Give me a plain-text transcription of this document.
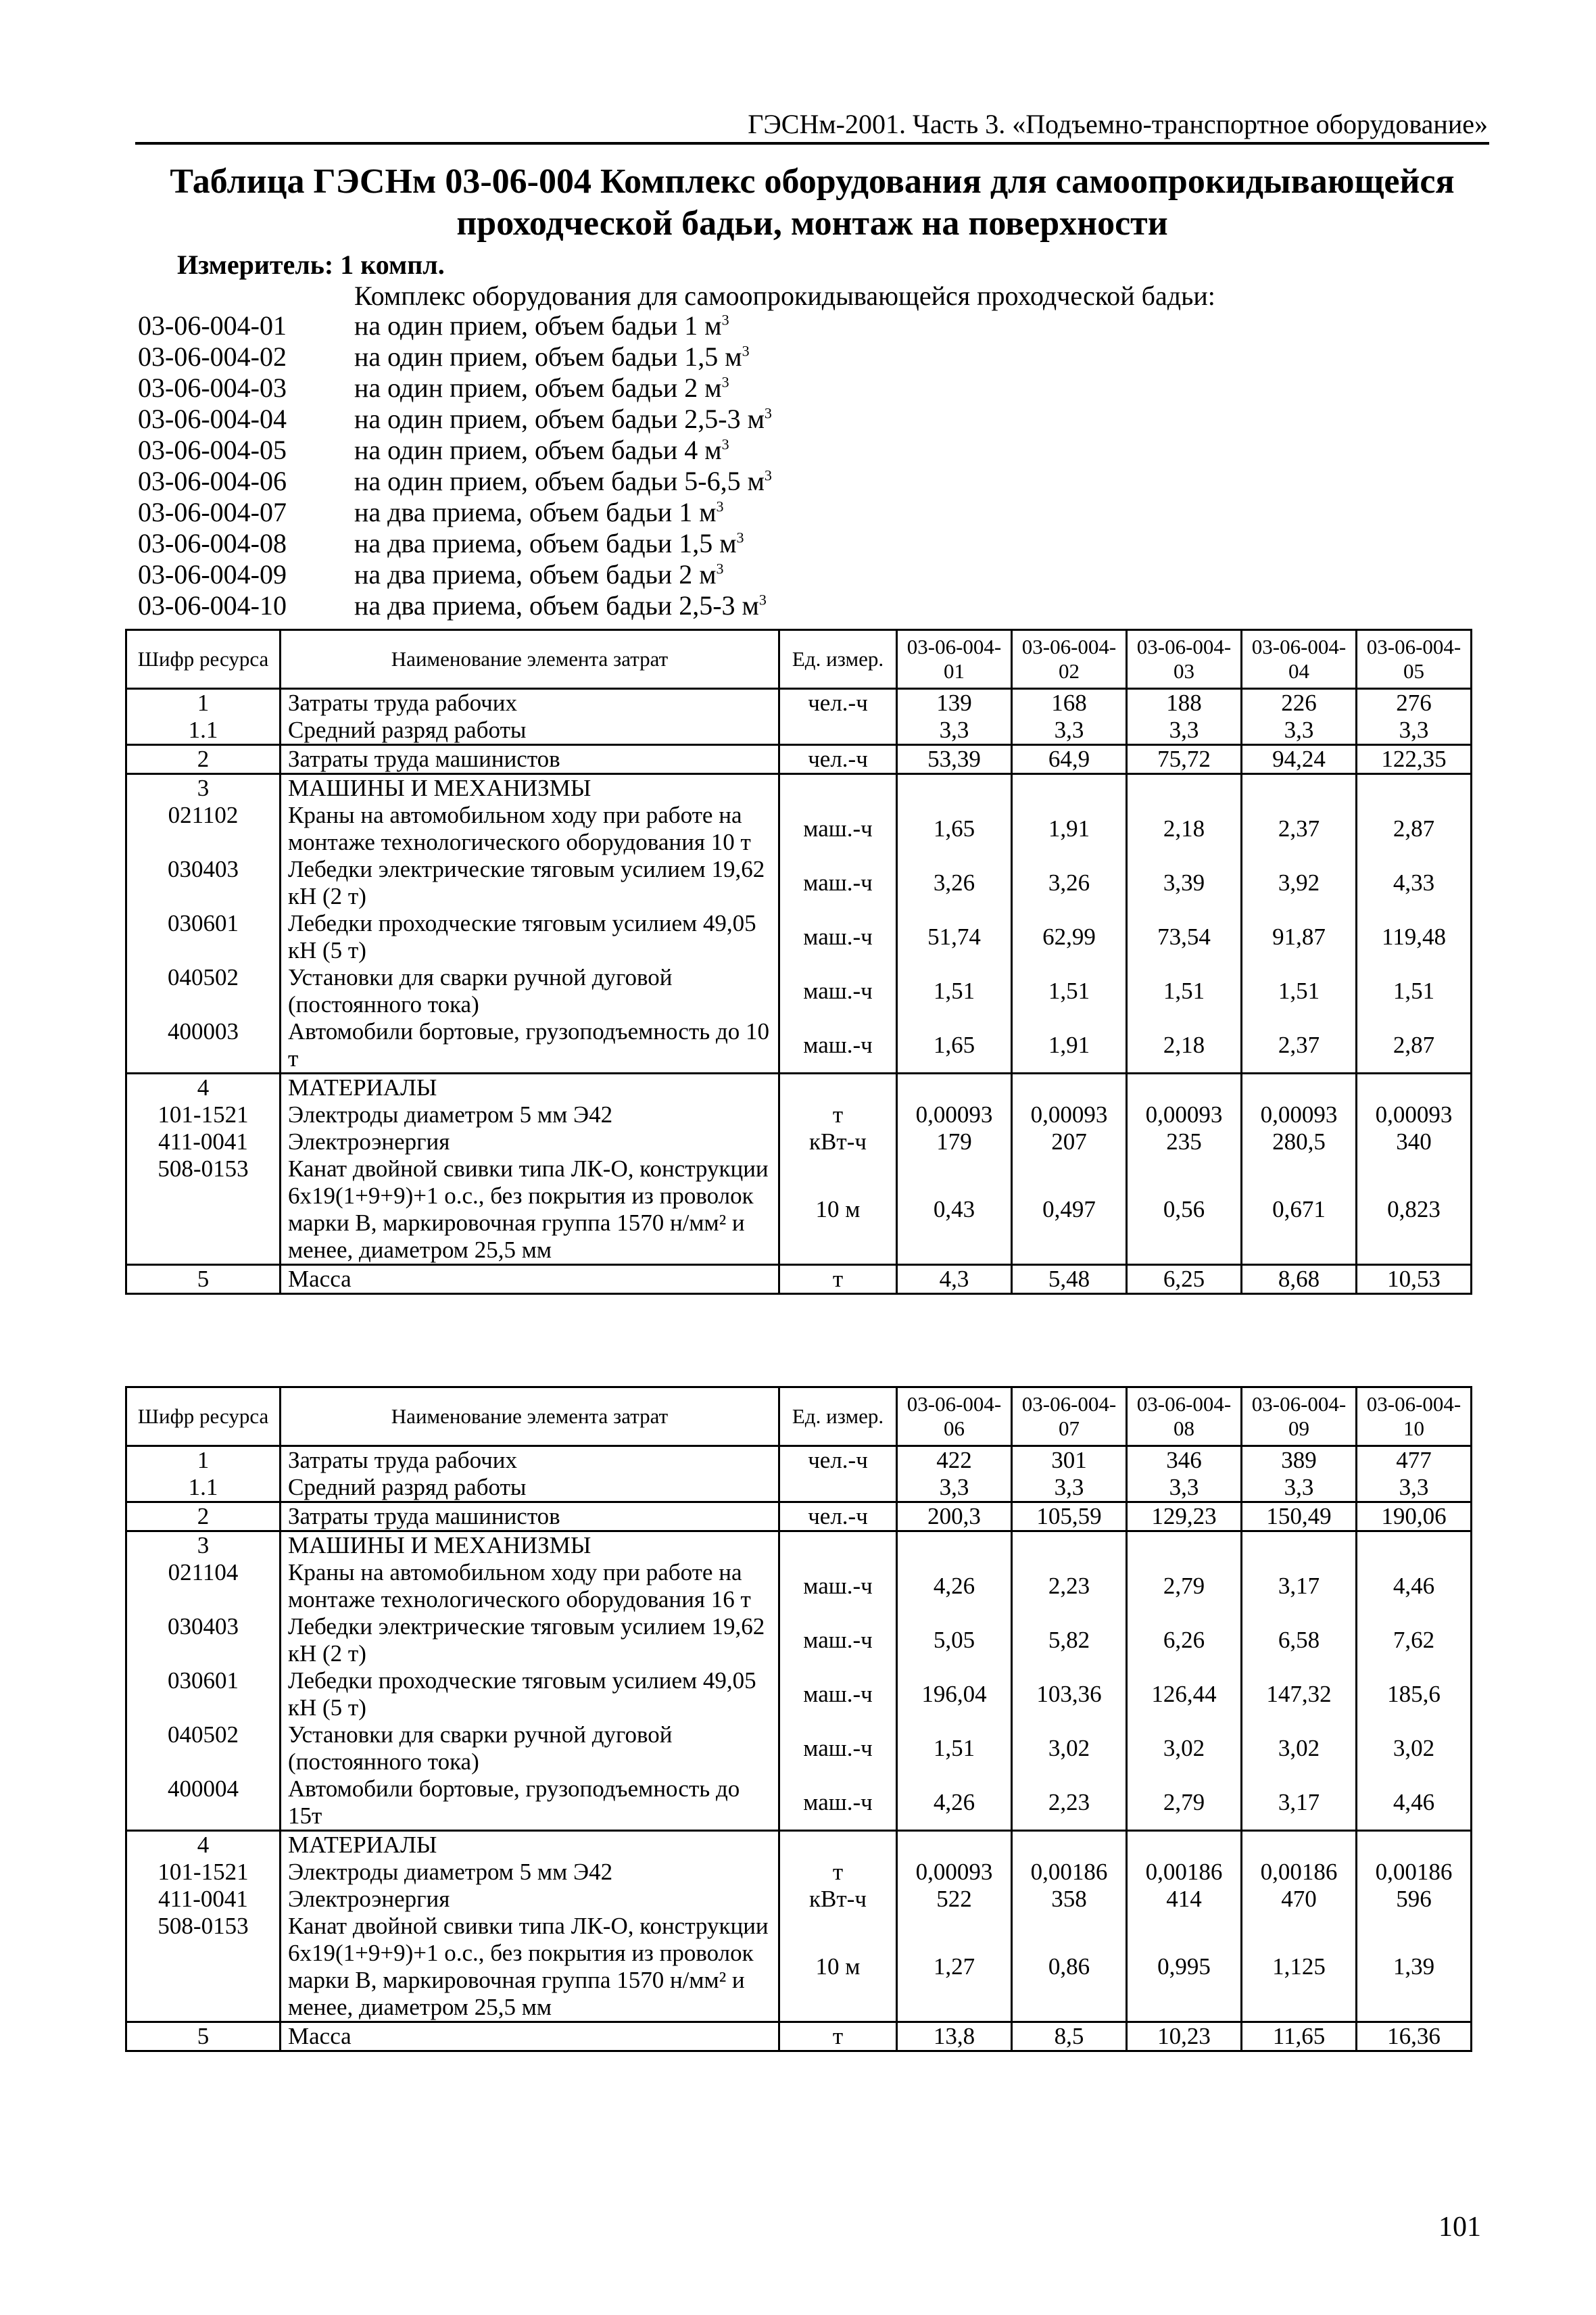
ГЭСНм-2001. Часть 3. «Подъемно-транспортное оборудование»
Таблица ГЭСНм 03-06-004 Комплекс оборудования для самоопрокидывающейся
проходческой бадьи, монтаж на поверхности
Измеритель: 1 компл.
Комплекс оборудования для самоопрокидывающейся проходческой бадьи:
03-06-004-01	на один прием, объем бадьи 1 $м^3$
03-06-004-02	на один прием, объем бадьи 1,5 $м^3$
03-06-004-03	на один прием, объем бадьи 2 $м^3$
03-06-004-04	на один прием, объем бадьи 2,5-3 $м^3$
03-06-004-05	на один прием, объем бадьи 4 $м^3$
03-06-004-06	на один прием, объем бадьи 5-6,5 $м^3$
03-06-004-07	на два приема, объем бадьи 1 $м^3$
03-06-004-08	на два приема, объем бадьи 1,5 $м^3$
03-06-004-09	на два приема, объем бадьи 2 $м^3$
03-06-004-10	на два приема, объем бадьи 2,5-3 $м^3$
Шифр ресурса	Наименование элемента затрат	Ед. измер.	03-06-004-01	03-06-004-02	03-06-004-03	03-06-004-04	03-06-004-05
1	Затраты труда рабочих	чел.-ч	139	168	188	226	276
1.1	Средний разряд работы		3,3	3,3	3,3	3,3	3,3
2	Затраты труда машинистов	чел.-ч	53,39	64,9	75,72	94,24	122,35
3	МАШИНЫ И МЕХАНИЗМЫ						
021102	Краны на автомобильном ходу при работе на монтаже технологического оборудования 10 т	маш.-ч	1,65	1,91	2,18	2,37	2,87
030403	Лебедки электрические тяговым усилием 19,62 кН (2 т)	маш.-ч	3,26	3,26	3,39	3,92	4,33
030601	Лебедки проходческие тяговым усилием 49,05 кН (5 т)	маш.-ч	51,74	62,99	73,54	91,87	119,48
040502	Установки для сварки ручной дуговой (постоянного тока)	маш.-ч	1,51	1,51	1,51	1,51	1,51
400003	Автомобили бортовые, грузоподъемность до 10 т	маш.-ч	1,65	1,91	2,18	2,37	2,87
4	МАТЕРИАЛЫ						
101-1521	Электроды диаметром 5 мм Э42	т	0,00093	0,00093	0,00093	0,00093	0,00093
411-0041	Электроэнергия	кВт-ч	179	207	235	280,5	340
508-0153	Канат двойной свивки типа ЛК-О, конструкции 6х19(1+9+9)+1 о.с., без покрытия из проволок марки В, маркировочная группа 1570 н/мм² и менее, диаметром 25,5 мм	10 м	0,43	0,497	0,56	0,671	0,823
5	Масса	т	4,3	5,48	6,25	8,68	10,53
Шифр ресурса	Наименование элемента затрат	Ед. измер.	03-06-004-06	03-06-004-07	03-06-004-08	03-06-004-09	03-06-004-10
1	Затраты труда рабочих	чел.-ч	422	301	346	389	477
1.1	Средний разряд работы		3,3	3,3	3,3	3,3	3,3
2	Затраты труда машинистов	чел.-ч	200,3	105,59	129,23	150,49	190,06
3	МАШИНЫ И МЕХАНИЗМЫ						
021104	Краны на автомобильном ходу при работе на монтаже технологического оборудования 16 т	маш.-ч	4,26	2,23	2,79	3,17	4,46
030403	Лебедки электрические тяговым усилием 19,62 кН (2 т)	маш.-ч	5,05	5,82	6,26	6,58	7,62
030601	Лебедки проходческие тяговым усилием 49,05 кН (5 т)	маш.-ч	196,04	103,36	126,44	147,32	185,6
040502	Установки для сварки ручной дуговой (постоянного тока)	маш.-ч	1,51	3,02	3,02	3,02	3,02
400004	Автомобили бортовые, грузоподъемность до 15т	маш.-ч	4,26	2,23	2,79	3,17	4,46
4	МАТЕРИАЛЫ						
101-1521	Электроды диаметром 5 мм Э42	т	0,00093	0,00186	0,00186	0,00186	0,00186
411-0041	Электроэнергия	кВт-ч	522	358	414	470	596
508-0153	Канат двойной свивки типа ЛК-О, конструкции 6х19(1+9+9)+1 о.с., без покрытия из проволок марки В, маркировочная группа 1570 н/мм² и менее, диаметром 25,5 мм	10 м	1,27	0,86	0,995	1,125	1,39
5	Масса	т	13,8	8,5	10,23	11,65	16,36
101
